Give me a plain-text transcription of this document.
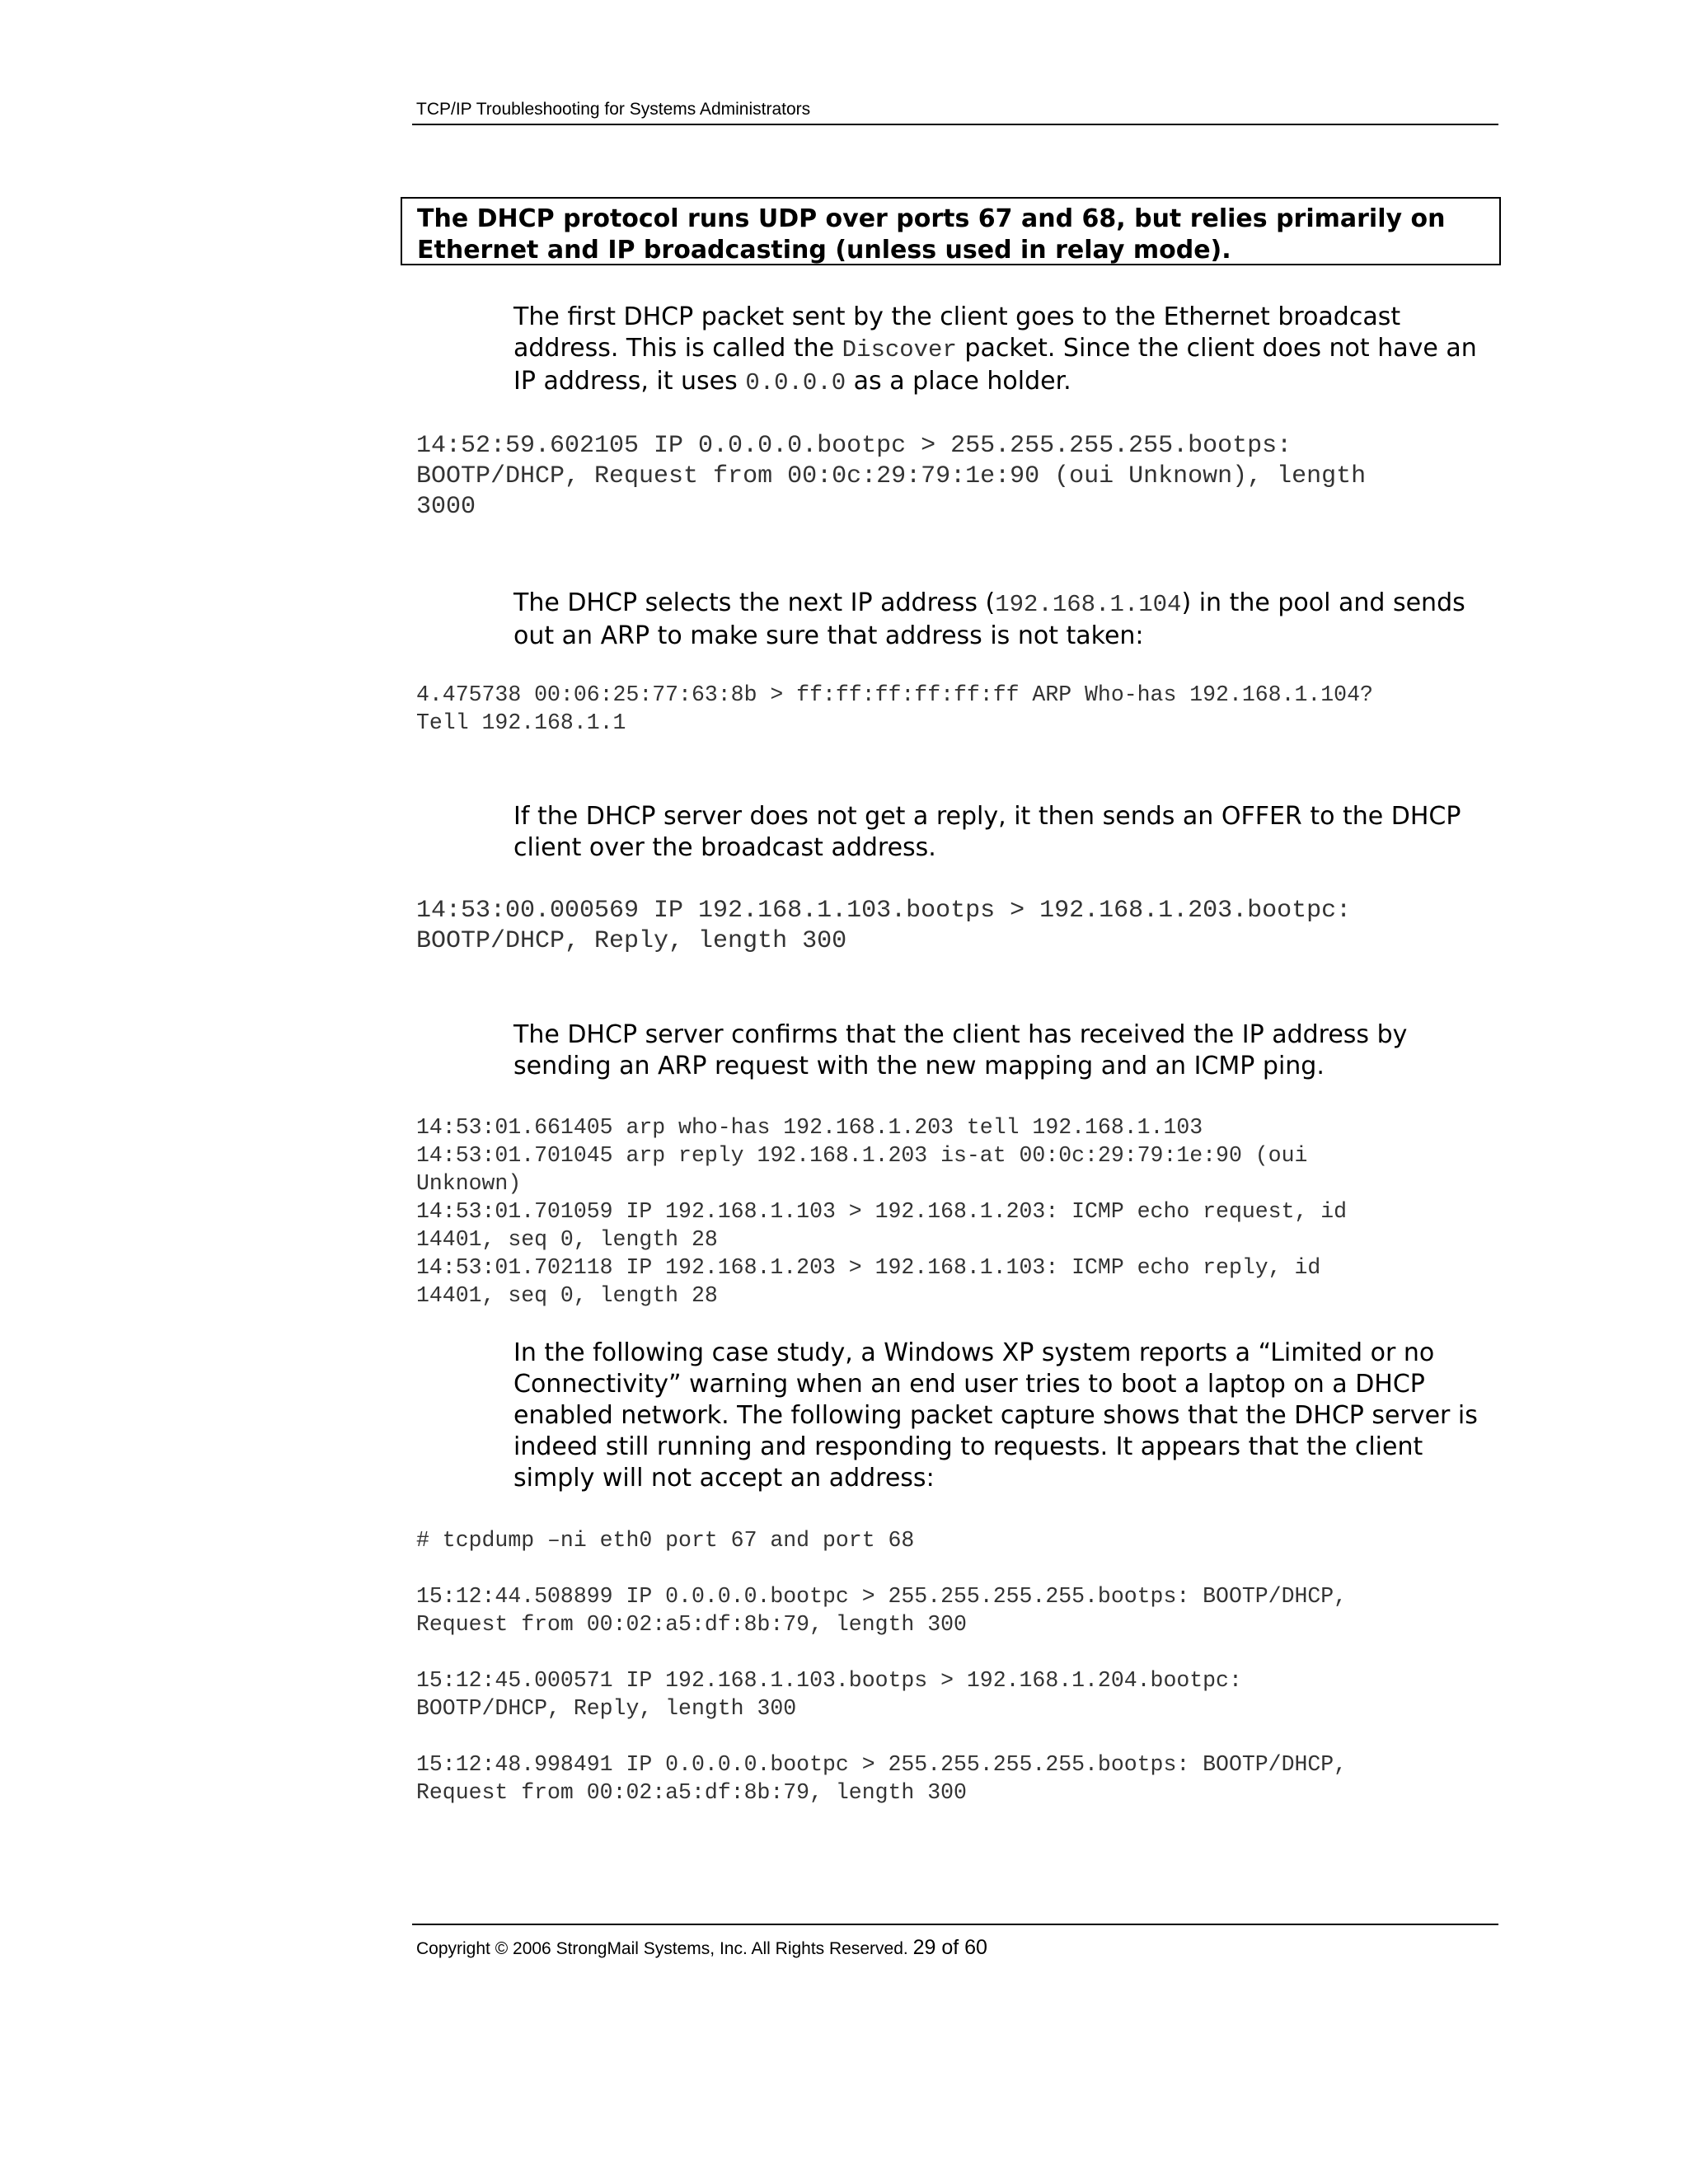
TCP/IP Troubleshooting for Systems Administrators
The DHCP protocol runs UDP over ports 67 and 68, but relies primarily on Ethernet and IP broadcasting (unless used in relay mode).
The first DHCP packet sent by the client goes to the Ethernet broadcast address. This is called the Discover packet. Since the client does not have an IP address, it uses 0.0.0.0 as a place holder.
14:52:59.602105 IP 0.0.0.0.bootpc > 255.255.255.255.bootps:
BOOTP/DHCP, Request from 00:0c:29:79:1e:90 (oui Unknown), length
3000
The DHCP selects the next IP address (192.168.1.104) in the pool and sends out an ARP to make sure that address is not taken:
4.475738 00:06:25:77:63:8b > ff:ff:ff:ff:ff:ff ARP Who-has 192.168.1.104?
Tell 192.168.1.1
If the DHCP server does not get a reply, it then sends an OFFER to the DHCP client over the broadcast address.
14:53:00.000569 IP 192.168.1.103.bootps > 192.168.1.203.bootpc:
BOOTP/DHCP, Reply, length 300
The DHCP server confirms that the client has received the IP address by sending an ARP request with the new mapping and an ICMP ping.
14:53:01.661405 arp who-has 192.168.1.203 tell 192.168.1.103
14:53:01.701045 arp reply 192.168.1.203 is-at 00:0c:29:79:1e:90 (oui
Unknown)
14:53:01.701059 IP 192.168.1.103 > 192.168.1.203: ICMP echo request, id
14401, seq 0, length 28
14:53:01.702118 IP 192.168.1.203 > 192.168.1.103: ICMP echo reply, id
14401, seq 0, length 28
In the following case study, a Windows XP system reports a “Limited or no Connectivity” warning when an end user tries to boot a laptop on a DHCP enabled network. The following packet capture shows that the DHCP server is indeed still running and responding to requests. It appears that the client simply will not accept an address:
# tcpdump –ni eth0 port 67 and port 68

15:12:44.508899 IP 0.0.0.0.bootpc > 255.255.255.255.bootps: BOOTP/DHCP,
Request from 00:02:a5:df:8b:79, length 300

15:12:45.000571 IP 192.168.1.103.bootps > 192.168.1.204.bootpc:
BOOTP/DHCP, Reply, length 300

15:12:48.998491 IP 0.0.0.0.bootpc > 255.255.255.255.bootps: BOOTP/DHCP,
Request from 00:02:a5:df:8b:79, length 300
Copyright © 2006 StrongMail Systems, Inc. All Rights Reserved. 29 of 60
